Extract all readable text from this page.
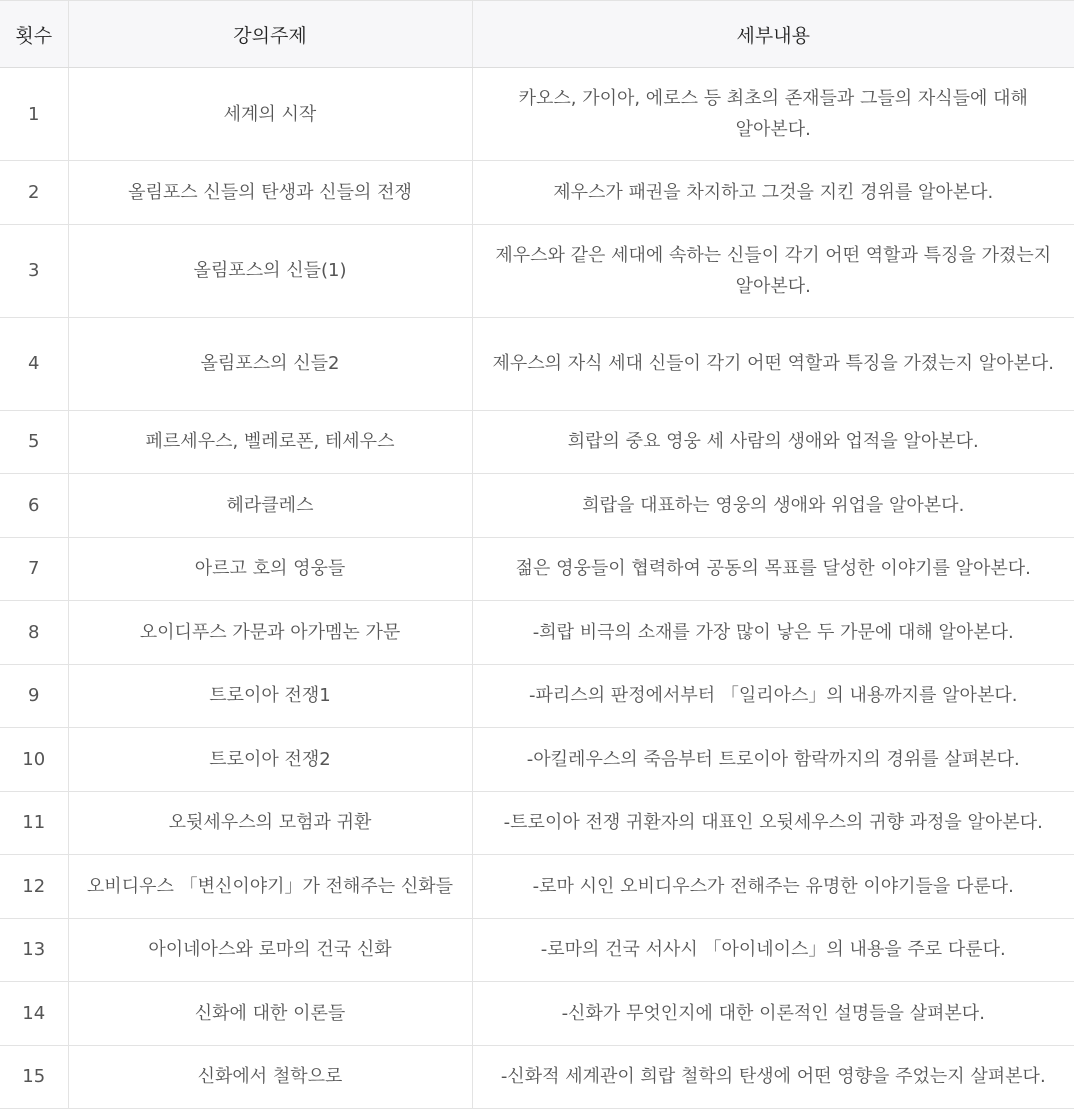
횟수	강의주제	세부내용
1	세계의 시작	카오스, 가이아, 에로스 등 최초의 존재들과 그들의 자식들에 대해 알아본다.
2	올림포스 신들의 탄생과 신들의 전쟁	제우스가 패권을 차지하고 그것을 지킨 경위를 알아본다.
3	올림포스의 신들(1)	제우스와 같은 세대에 속하는 신들이 각기 어떤 역할과 특징을 가졌는지 알아본다.
4	올림포스의 신들2	제우스의 자식 세대 신들이 각기 어떤 역할과 특징을 가졌는지 알아본다.
5	페르세우스, 벨레로폰, 테세우스	희랍의 중요 영웅 세 사람의 생애와 업적을 알아본다.
6	헤라클레스	희랍을 대표하는 영웅의 생애와 위업을 알아본다.
7	아르고 호의 영웅들	젊은 영웅들이 협력하여 공동의 목표를 달성한 이야기를 알아본다.
8	오이디푸스 가문과 아가멤논 가문	-희랍 비극의 소재를 가장 많이 낳은 두 가문에 대해 알아본다.
9	트로이아 전쟁1	-파리스의 판정에서부터 「일리아스」의 내용까지를 알아본다.
10	트로이아 전쟁2	-아킬레우스의 죽음부터 트로이아 함락까지의 경위를 살펴본다.
11	오뒷세우스의 모험과 귀환	-트로이아 전쟁 귀환자의 대표인 오뒷세우스의 귀향 과정을 알아본다.
12	오비디우스 「변신이야기」가 전해주는 신화들	-로마 시인 오비디우스가 전해주는 유명한 이야기들을 다룬다.
13	아이네아스와 로마의 건국 신화	-로마의 건국 서사시 「아이네이스」의 내용을 주로 다룬다.
14	신화에 대한 이론들	-신화가 무엇인지에 대한 이론적인 설명들을 살펴본다.
15	신화에서 철학으로	-신화적 세계관이 희랍 철학의 탄생에 어떤 영향을 주었는지 살펴본다.
